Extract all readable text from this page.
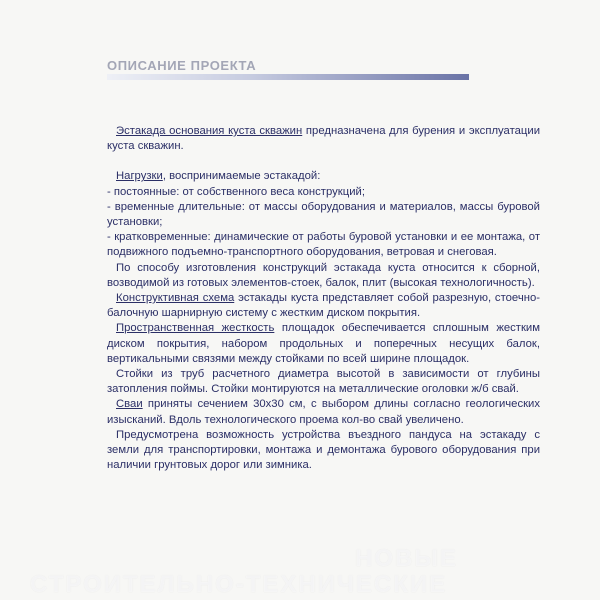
ОПИСАНИЕ ПРОЕКТА

Эстакада основания куста скважин предназначена для бурения и эксплуатации куста скважин.

Нагрузки, воспринимаемые эстакадой:

- постоянные: от собственного веса конструкций;

- временные длительные: от массы оборудования и материалов, массы буровой установки;

- кратковременные: динамические от работы буровой установки и ее монтажа, от подвижного подъемно-транспортного оборудования, ветровая и снеговая.

По способу изготовления конструкций эстакада куста относится к сборной, возводимой из готовых элементов-стоек, балок, плит (высокая технологичность).

Конструктивная схема эстакады куста представляет собой разрезную, стоечно-балочную шарнирную систему с жестким диском покрытия.

Пространственная жесткость площадок обеспечивается сплошным жестким диском покрытия, набором продольных и поперечных несущих балок, вертикальными связями между стойками по всей ширине площадок.

Стойки из труб расчетного диаметра высотой в зависимости от глубины затопления поймы. Стойки монтируются на металлические оголовки ж/б свай.

Сваи приняты сечением 30х30 см, с выбором длины согласно геологических изысканий. Вдоль технологического проема кол-во свай увеличено.

Предусмотрена возможность устройства въездного пандуса на эстакаду с земли для транспортировки, монтажа и демонтажа бурового оборудования при наличии грунтовых дорог или зимника.

НОВЫЕ
СТРОИТЕЛЬНО-ТЕХНИЧЕСКИЕ
